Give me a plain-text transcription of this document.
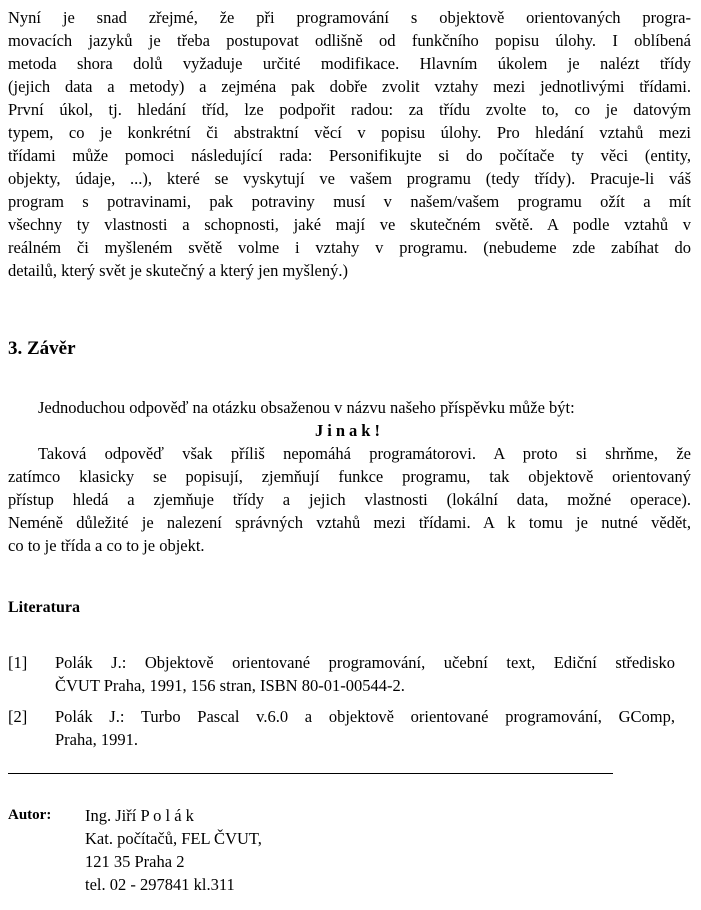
Nyní je snad zřejmé, že při programování s objektově orientovaných progra-
movacích jazyků je třeba postupovat odlišně od funkčního popisu úlohy. I oblíbená
metoda shora dolů vyžaduje určité modifikace. Hlavním úkolem je nalézt třídy
(jejich data a metody) a zejména pak dobře zvolit vztahy mezi jednotlivými třídami.
První úkol, tj. hledání tříd, lze podpořit radou: za třídu zvolte to, co je datovým
typem, co je konkrétní či abstraktní věcí v popisu úlohy. Pro hledání vztahů mezi
třídami může pomoci následující rada: Personifikujte si do počítače ty věci (entity,
objekty, údaje, ...), které se vyskytují ve vašem programu (tedy třídy). Pracuje-li váš
program s potravinami, pak potraviny musí v našem/vašem programu ožít a mít
všechny ty vlastnosti a schopnosti, jaké mají ve skutečném světě. A podle vztahů v
reálném či myšleném světě volme i vztahy v programu. (nebudeme zde zabíhat do
detailů, který svět je skutečný a který jen myšlený.)
3. Závěr
Jednoduchou odpověď na otázku obsaženou v názvu našeho příspěvku může být:
Jinak!
Taková odpověď však příliš nepomáhá programátorovi. A proto si shrňme, že
zatímco klasicky se popisují, zjemňují funkce programu, tak objektově orientovaný
přístup hledá a zjemňuje třídy a jejich vlastnosti (lokální data, možné operace).
Neméně důležité je nalezení správných vztahů mezi třídami. A k tomu je nutné vědět,
co to je třída a co to je objekt.
Literatura
[1] Polák J.: Objektově orientované programování, učební text, Ediční středisko
ČVUT Praha, 1991, 156 stran, ISBN 80-01-00544-2.
[2] Polák J.: Turbo Pascal v.6.0 a objektově orientované programování, GComp,
Praha, 1991.
Autor: Ing. Jiří P o l á k
Kat. počítačů, FEL ČVUT,
121 35 Praha 2
tel. 02 - 297841 kl.311
